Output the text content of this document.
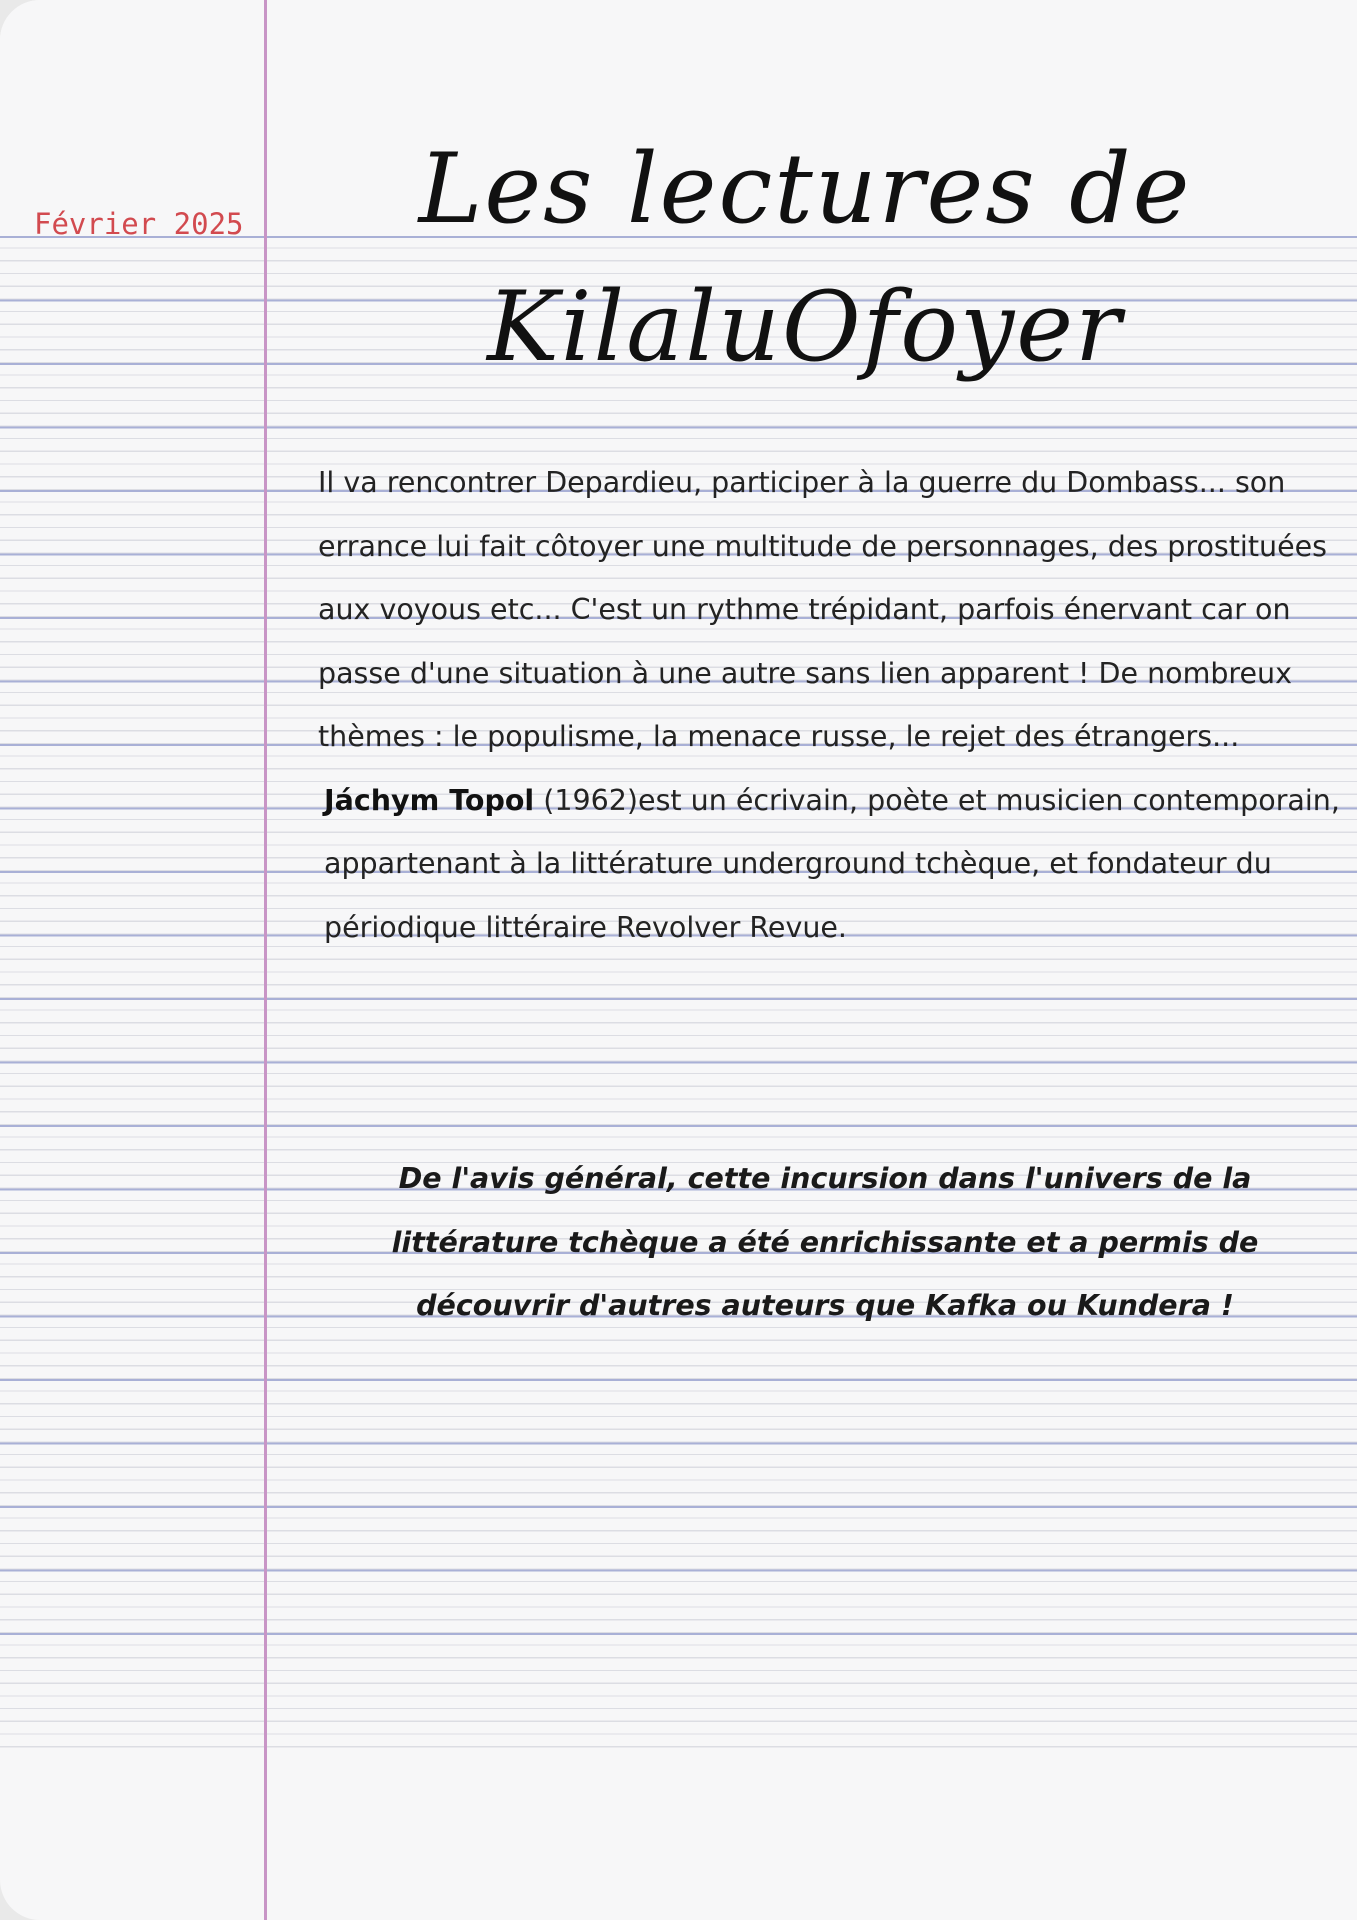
Février 2025	Les lectures de
KilaluOfoyer

Il va rencontrer Depardieu, participer à la guerre du Dombass... son errance lui fait côtoyer une multitude de personnages, des prostituées aux voyous etc... C'est un rythme trépidant, parfois énervant car on passe d'une situation à une autre sans lien apparent ! De nombreux thèmes : le populisme, la menace russe, le rejet des étrangers...

Jáchym Topol (1962)est un écrivain, poète et musicien contemporain, appartenant à la littérature underground tchèque, et fondateur du périodique littéraire Revolver Revue.

De l'avis général, cette incursion dans l'univers de la littérature tchèque a été enrichissante et a permis de découvrir d'autres auteurs que Kafka ou Kundera !
